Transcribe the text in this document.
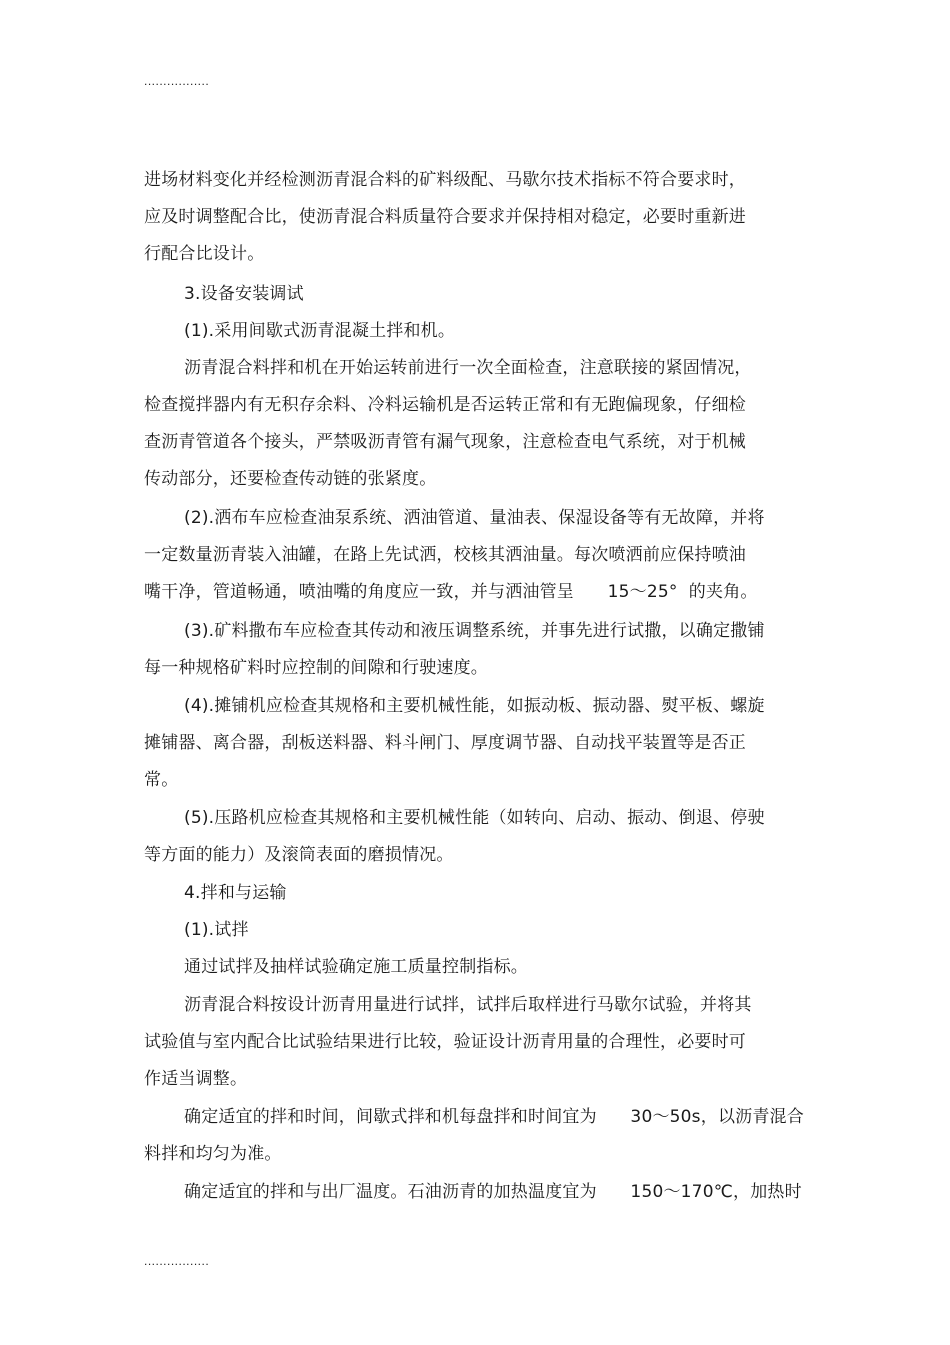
.................
进场材料变化并经检测沥青混合料的矿料级配、马歇尔技术指标不符合要求时，
应及时调整配合比，使沥青混合料质量符合要求并保持相对稳定，必要时重新进
行配合比设计。
3.设备安装调试
(1).采用间歇式沥青混凝土拌和机。
沥青混合料拌和机在开始运转前进行一次全面检查，注意联接的紧固情况，
检查搅拌器内有无积存余料、冷料运输机是否运转正常和有无跑偏现象，仔细检
查沥青管道各个接头，严禁吸沥青管有漏气现象，注意检查电气系统，对于机械
传动部分，还要检查传动链的张紧度。
(2).洒布车应检查油泵系统、洒油管道、量油表、保湿设备等有无故障，并将
一定数量沥青装入油罐，在路上先试洒，校核其洒油量。每次喷洒前应保持喷油
嘴干净，管道畅通，喷油嘴的角度应一致，并与洒油管呈      15～25°  的夹角。
(3).矿料撒布车应检查其传动和液压调整系统，并事先进行试撒，以确定撒铺
每一种规格矿料时应控制的间隙和行驶速度。
(4).摊铺机应检查其规格和主要机械性能，如振动板、振动器、熨平板、螺旋
摊铺器、离合器，刮板送料器、料斗闸门、厚度调节器、自动找平装置等是否正
常。
(5).压路机应检查其规格和主要机械性能（如转向、启动、振动、倒退、停驶
等方面的能力）及滚筒表面的磨损情况。
4.拌和与运输
(1).试拌
通过试拌及抽样试验确定施工质量控制指标。
沥青混合料按设计沥青用量进行试拌，试拌后取样进行马歇尔试验，并将其
试验值与室内配合比试验结果进行比较，验证设计沥青用量的合理性，必要时可
作适当调整。
确定适宜的拌和时间，间歇式拌和机每盘拌和时间宜为      30～50s，以沥青混合
料拌和均匀为准。
确定适宜的拌和与出厂温度。石油沥青的加热温度宜为      150～170℃，加热时
.................
